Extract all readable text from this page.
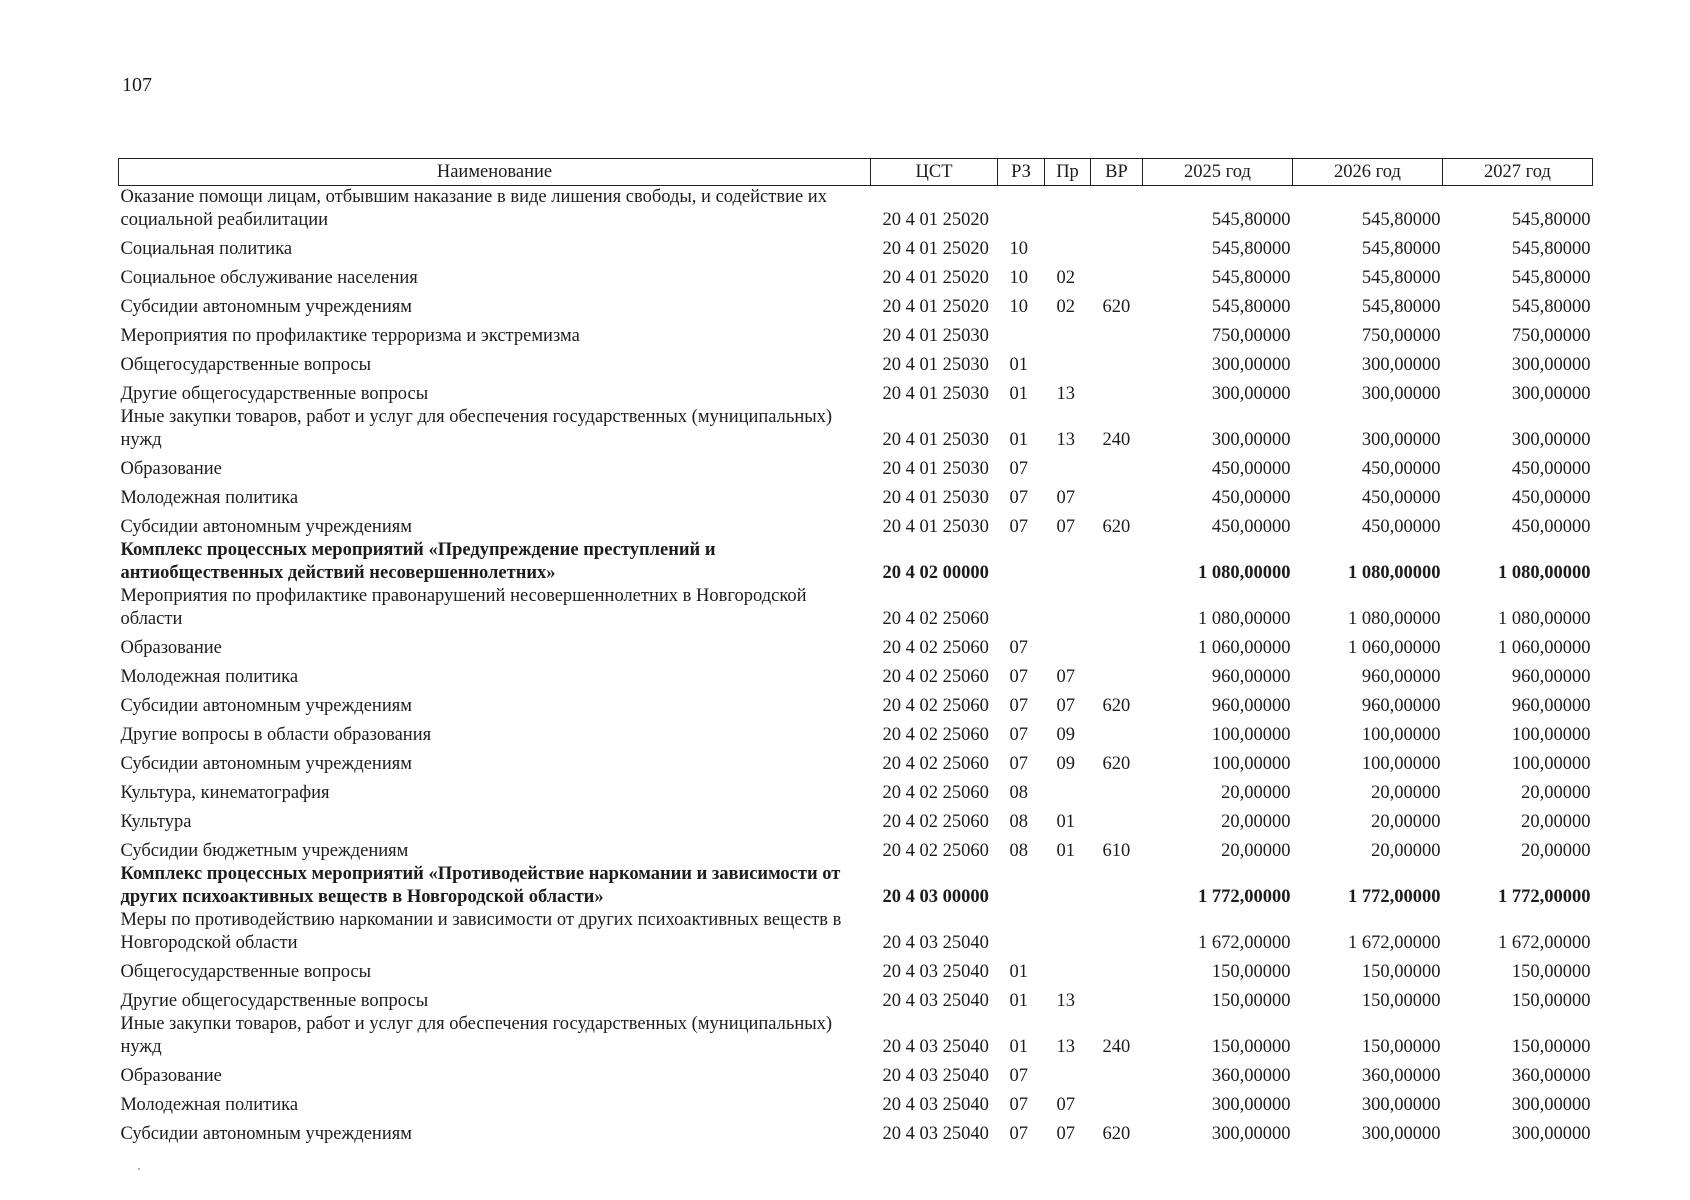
107
Наименование	ЦСТ	РЗ	Пр	ВР	2025 год	2026 год	2027 год
Оказание помощи лицам, отбывшим наказание в виде лишения свободы, и содействие их социальной реабилитации	20 4 01 25020				545,80000	545,80000	545,80000
Социальная политика	20 4 01 25020	10			545,80000	545,80000	545,80000
Социальное обслуживание населения	20 4 01 25020	10	02		545,80000	545,80000	545,80000
Субсидии автономным учреждениям	20 4 01 25020	10	02	620	545,80000	545,80000	545,80000
Мероприятия по профилактике терроризма и экстремизма	20 4 01 25030				750,00000	750,00000	750,00000
Общегосударственные вопросы	20 4 01 25030	01			300,00000	300,00000	300,00000
Другие общегосударственные вопросы	20 4 01 25030	01	13		300,00000	300,00000	300,00000
Иные закупки товаров, работ и услуг для обеспечения государственных (муниципальных) нужд	20 4 01 25030	01	13	240	300,00000	300,00000	300,00000
Образование	20 4 01 25030	07			450,00000	450,00000	450,00000
Молодежная политика	20 4 01 25030	07	07		450,00000	450,00000	450,00000
Субсидии автономным учреждениям	20 4 01 25030	07	07	620	450,00000	450,00000	450,00000
Комплекс процессных мероприятий «Предупреждение преступлений и антиобщественных действий несовершеннолетних»	20 4 02 00000				1 080,00000	1 080,00000	1 080,00000
Мероприятия по профилактике правонарушений несовершеннолетних в Новгородской области	20 4 02 25060				1 080,00000	1 080,00000	1 080,00000
Образование	20 4 02 25060	07			1 060,00000	1 060,00000	1 060,00000
Молодежная политика	20 4 02 25060	07	07		960,00000	960,00000	960,00000
Субсидии автономным учреждениям	20 4 02 25060	07	07	620	960,00000	960,00000	960,00000
Другие вопросы в области образования	20 4 02 25060	07	09		100,00000	100,00000	100,00000
Субсидии автономным учреждениям	20 4 02 25060	07	09	620	100,00000	100,00000	100,00000
Культура, кинематография	20 4 02 25060	08			20,00000	20,00000	20,00000
Культура	20 4 02 25060	08	01		20,00000	20,00000	20,00000
Субсидии бюджетным учреждениям	20 4 02 25060	08	01	610	20,00000	20,00000	20,00000
Комплекс процессных мероприятий «Противодействие наркомании и зависимости от других психоактивных веществ в Новгородской области»	20 4 03 00000				1 772,00000	1 772,00000	1 772,00000
Меры по противодействию наркомании и зависимости от других психоактивных веществ в Новгородской области	20 4 03 25040				1 672,00000	1 672,00000	1 672,00000
Общегосударственные вопросы	20 4 03 25040	01			150,00000	150,00000	150,00000
Другие общегосударственные вопросы	20 4 03 25040	01	13		150,00000	150,00000	150,00000
Иные закупки товаров, работ и услуг для обеспечения государственных (муниципальных) нужд	20 4 03 25040	01	13	240	150,00000	150,00000	150,00000
Образование	20 4 03 25040	07			360,00000	360,00000	360,00000
Молодежная политика	20 4 03 25040	07	07		300,00000	300,00000	300,00000
Субсидии автономным учреждениям	20 4 03 25040	07	07	620	300,00000	300,00000	300,00000
